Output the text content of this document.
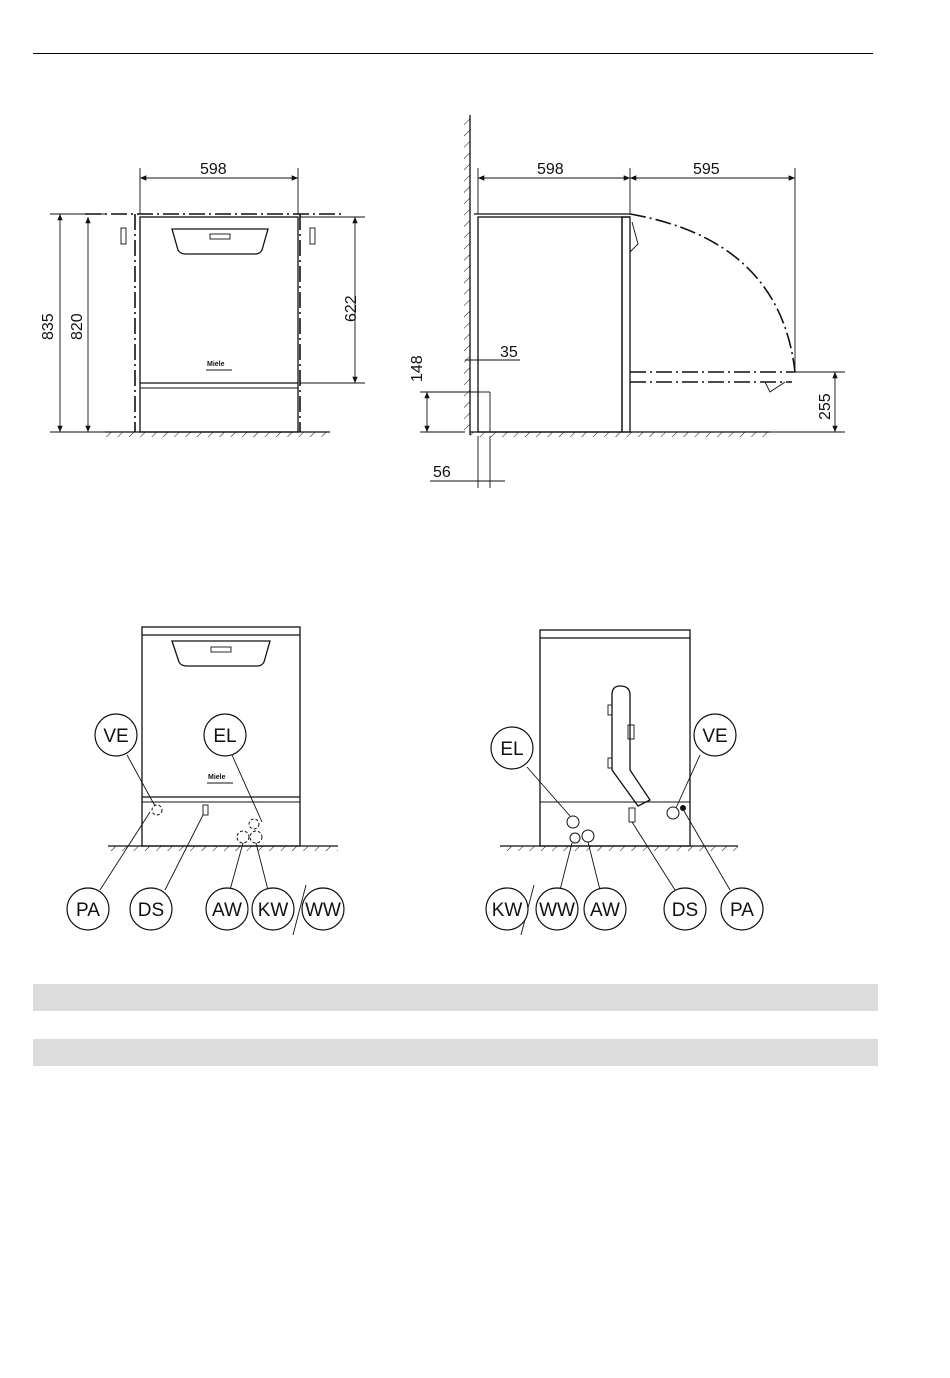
Miele
598
835 820
622
598	595
35
148
56
255
Miele
VE	EL
PA DS	AW KW WW
EL
VE
KW WW AW	DS PA
